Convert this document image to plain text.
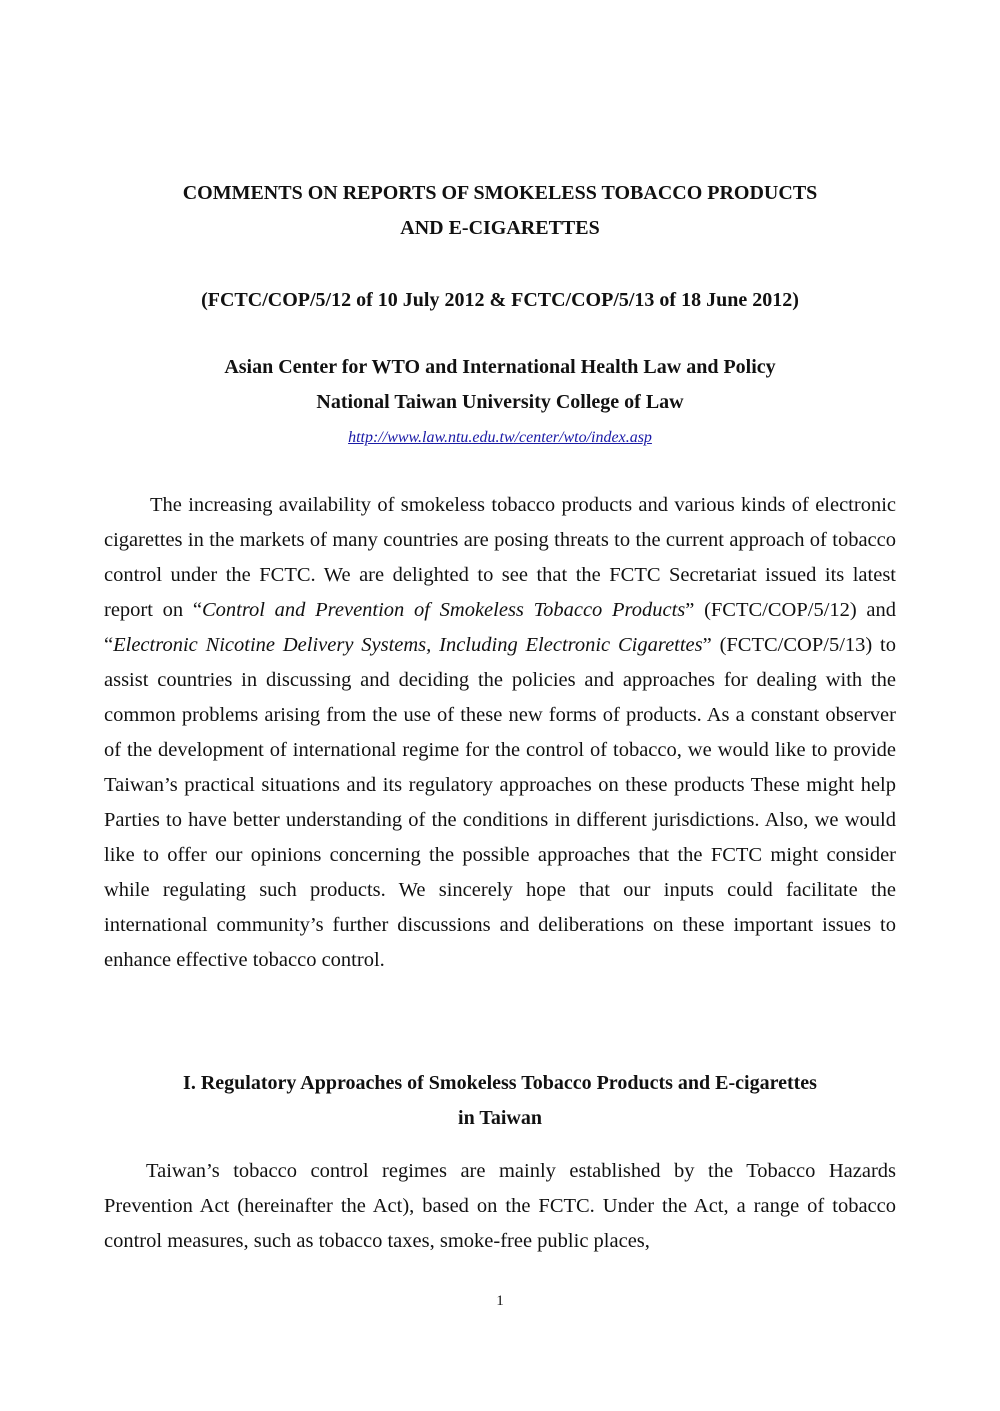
COMMENTS ON REPORTS OF SMOKELESS TOBACCO PRODUCTS
AND E-CIGARETTES

(FCTC/COP/5/12 of 10 July 2012 & FCTC/COP/5/13 of 18 June 2012)

Asian Center for WTO and International Health Law and Policy
National Taiwan University College of Law

http://www.law.ntu.edu.tw/center/wto/index.asp

The increasing availability of smokeless tobacco products and various kinds of electronic cigarettes in the markets of many countries are posing threats to the current approach of tobacco control under the FCTC. We are delighted to see that the FCTC Secretariat issued its latest report on “Control and Prevention of Smokeless Tobacco Products” (FCTC/COP/5/12) and “Electronic Nicotine Delivery Systems, Including Electronic Cigarettes” (FCTC/COP/5/13) to assist countries in discussing and deciding the policies and approaches for dealing with the common problems arising from the use of these new forms of products. As a constant observer of the development of international regime for the control of tobacco, we would like to provide Taiwan’s practical situations and its regulatory approaches on these products These might help Parties to have better understanding of the conditions in different jurisdictions. Also, we would like to offer our opinions concerning the possible approaches that the FCTC might consider while regulating such products. We sincerely hope that our inputs could facilitate the international community’s further discussions and deliberations on these important issues to enhance effective tobacco control.

I. Regulatory Approaches of Smokeless Tobacco Products and E-cigarettes
in Taiwan

Taiwan’s tobacco control regimes are mainly established by the Tobacco Hazards Prevention Act (hereinafter the Act), based on the FCTC. Under the Act, a range of tobacco control measures, such as tobacco taxes, smoke-free public places,

1
